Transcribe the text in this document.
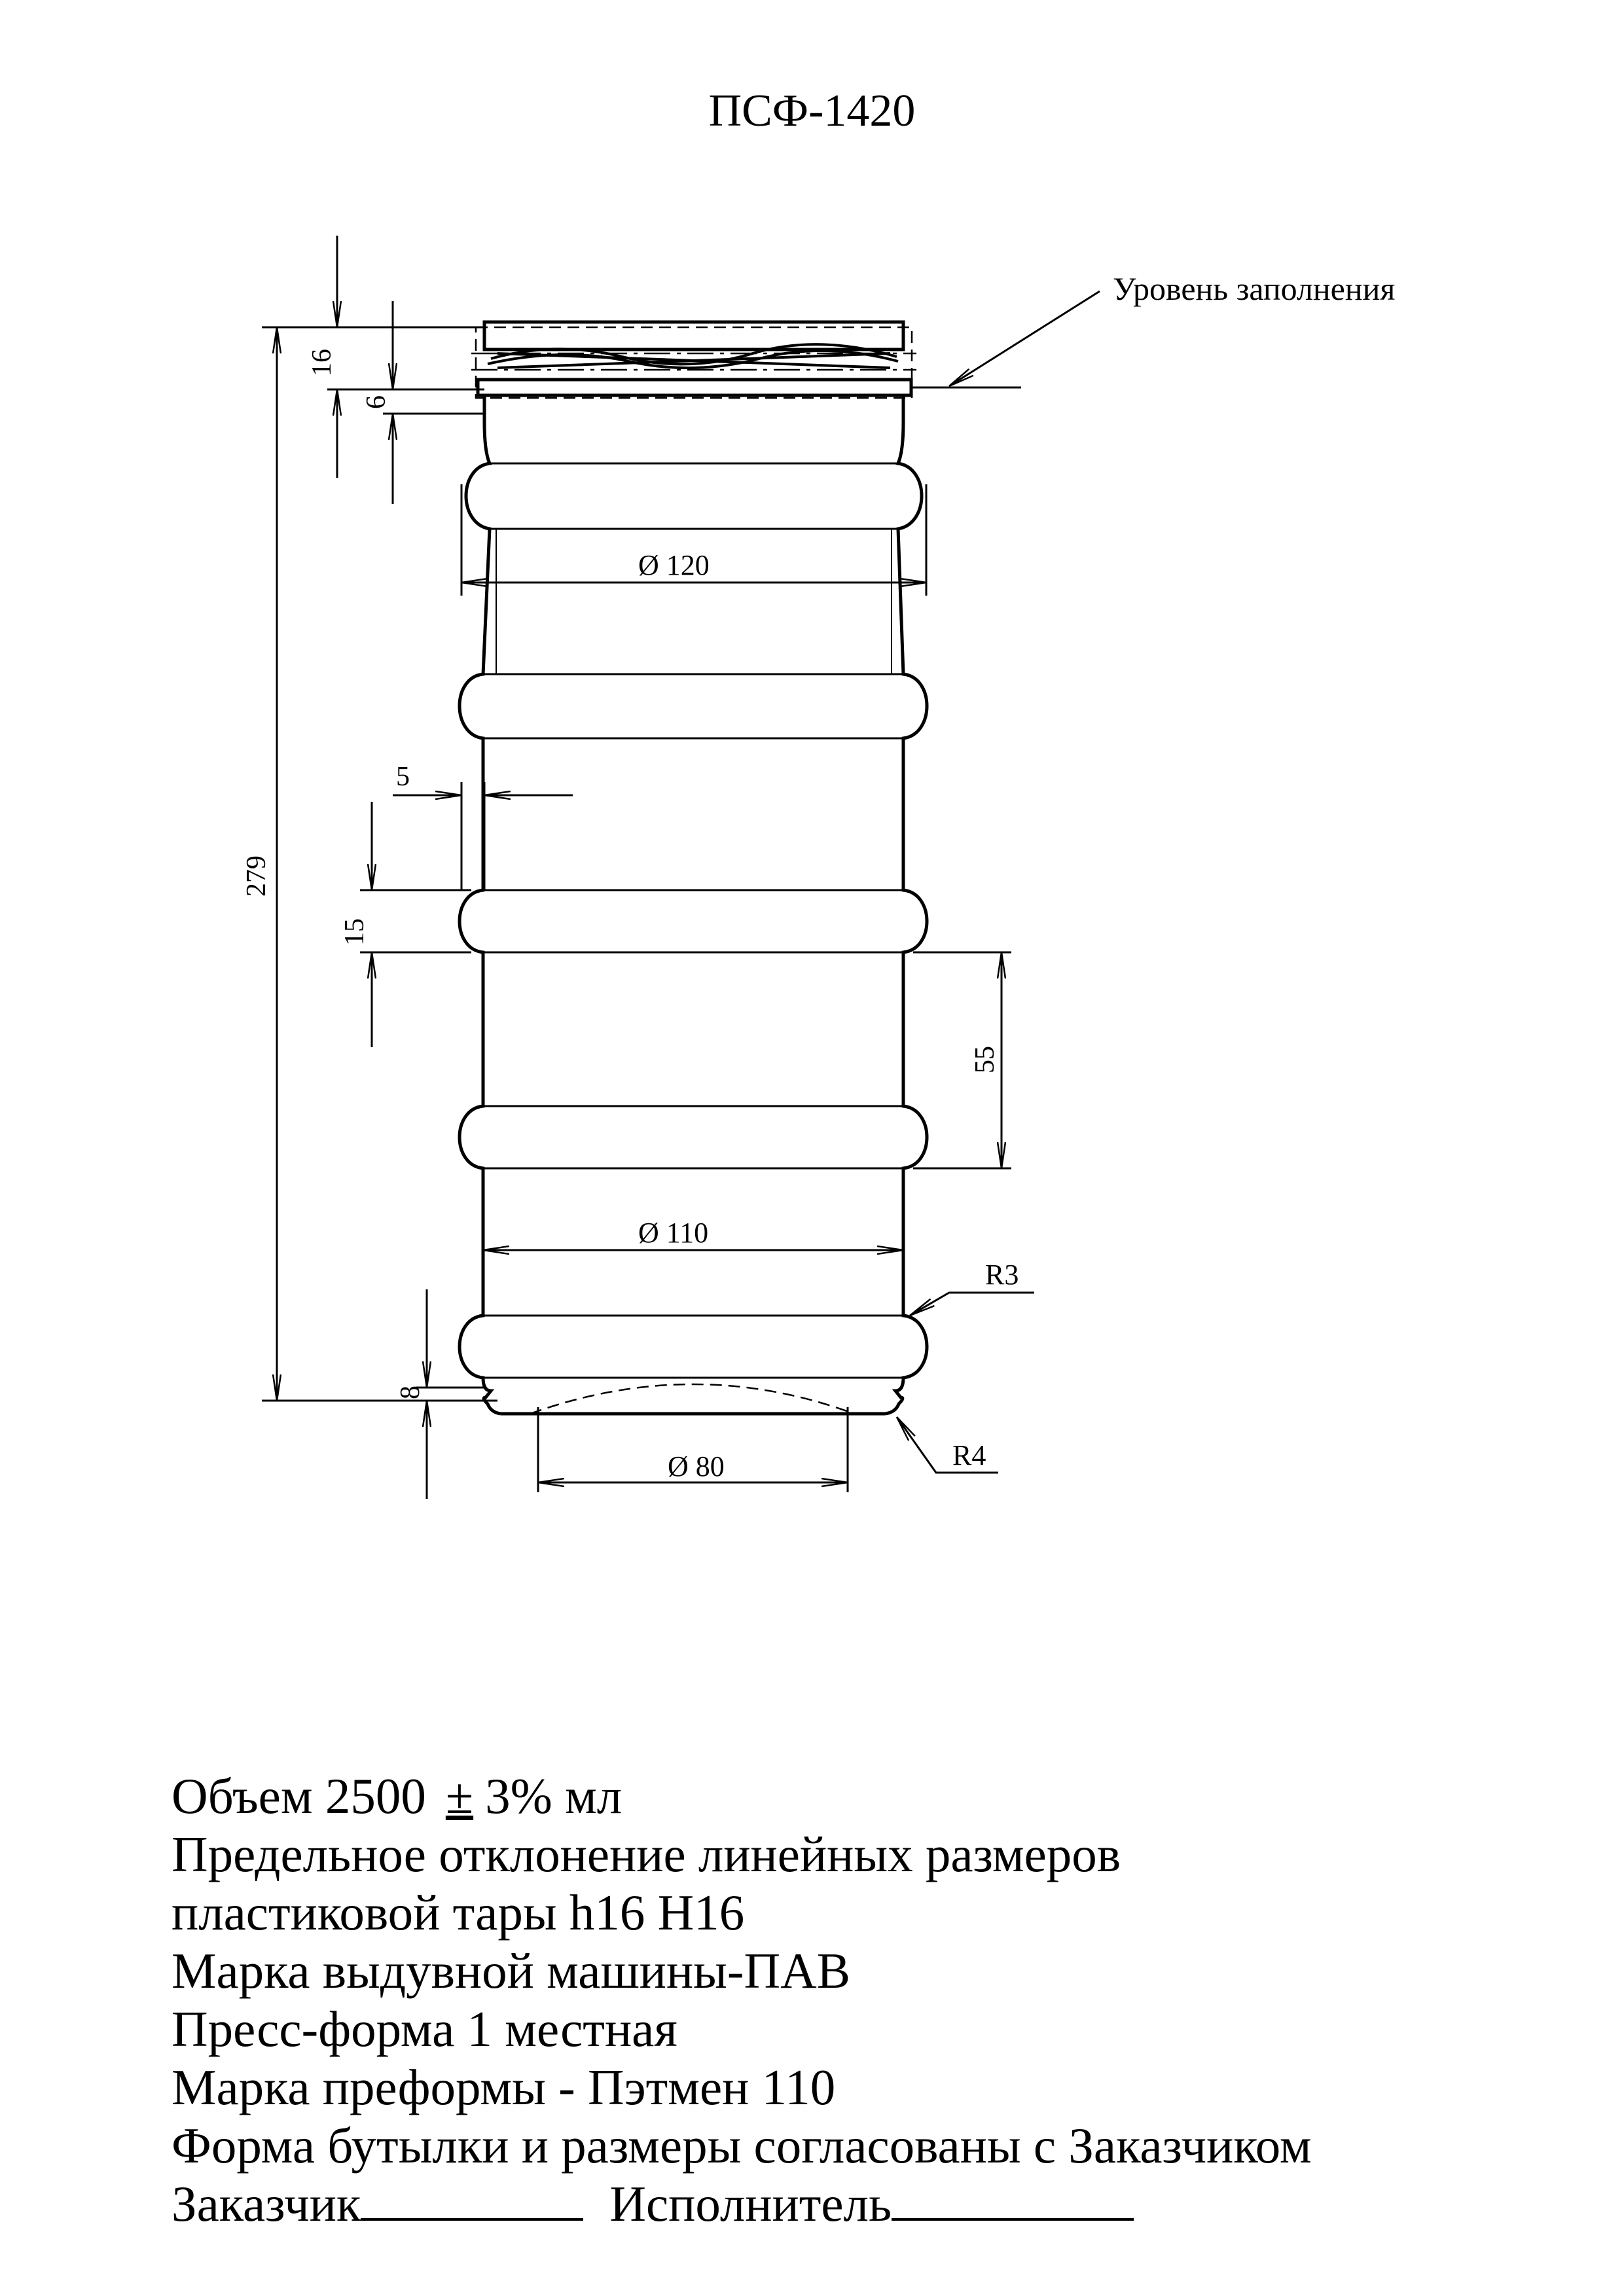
ПСФ-1420
Уровень заполнения
279
16
6
Ø 120
5
15
55
Ø 110
8
Ø 80
R3
R4
Объем 2500 ± 3% мл
Предельное отклонение линейных размеров
пластиковой тары h16 H16
Марка выдувной машины-ПАВ
Пресс-форма 1 местная
Марка преформы - Пэтмен 110
Форма бутылки и размеры согласованы с Заказчиком
Заказчик	Исполнитель
